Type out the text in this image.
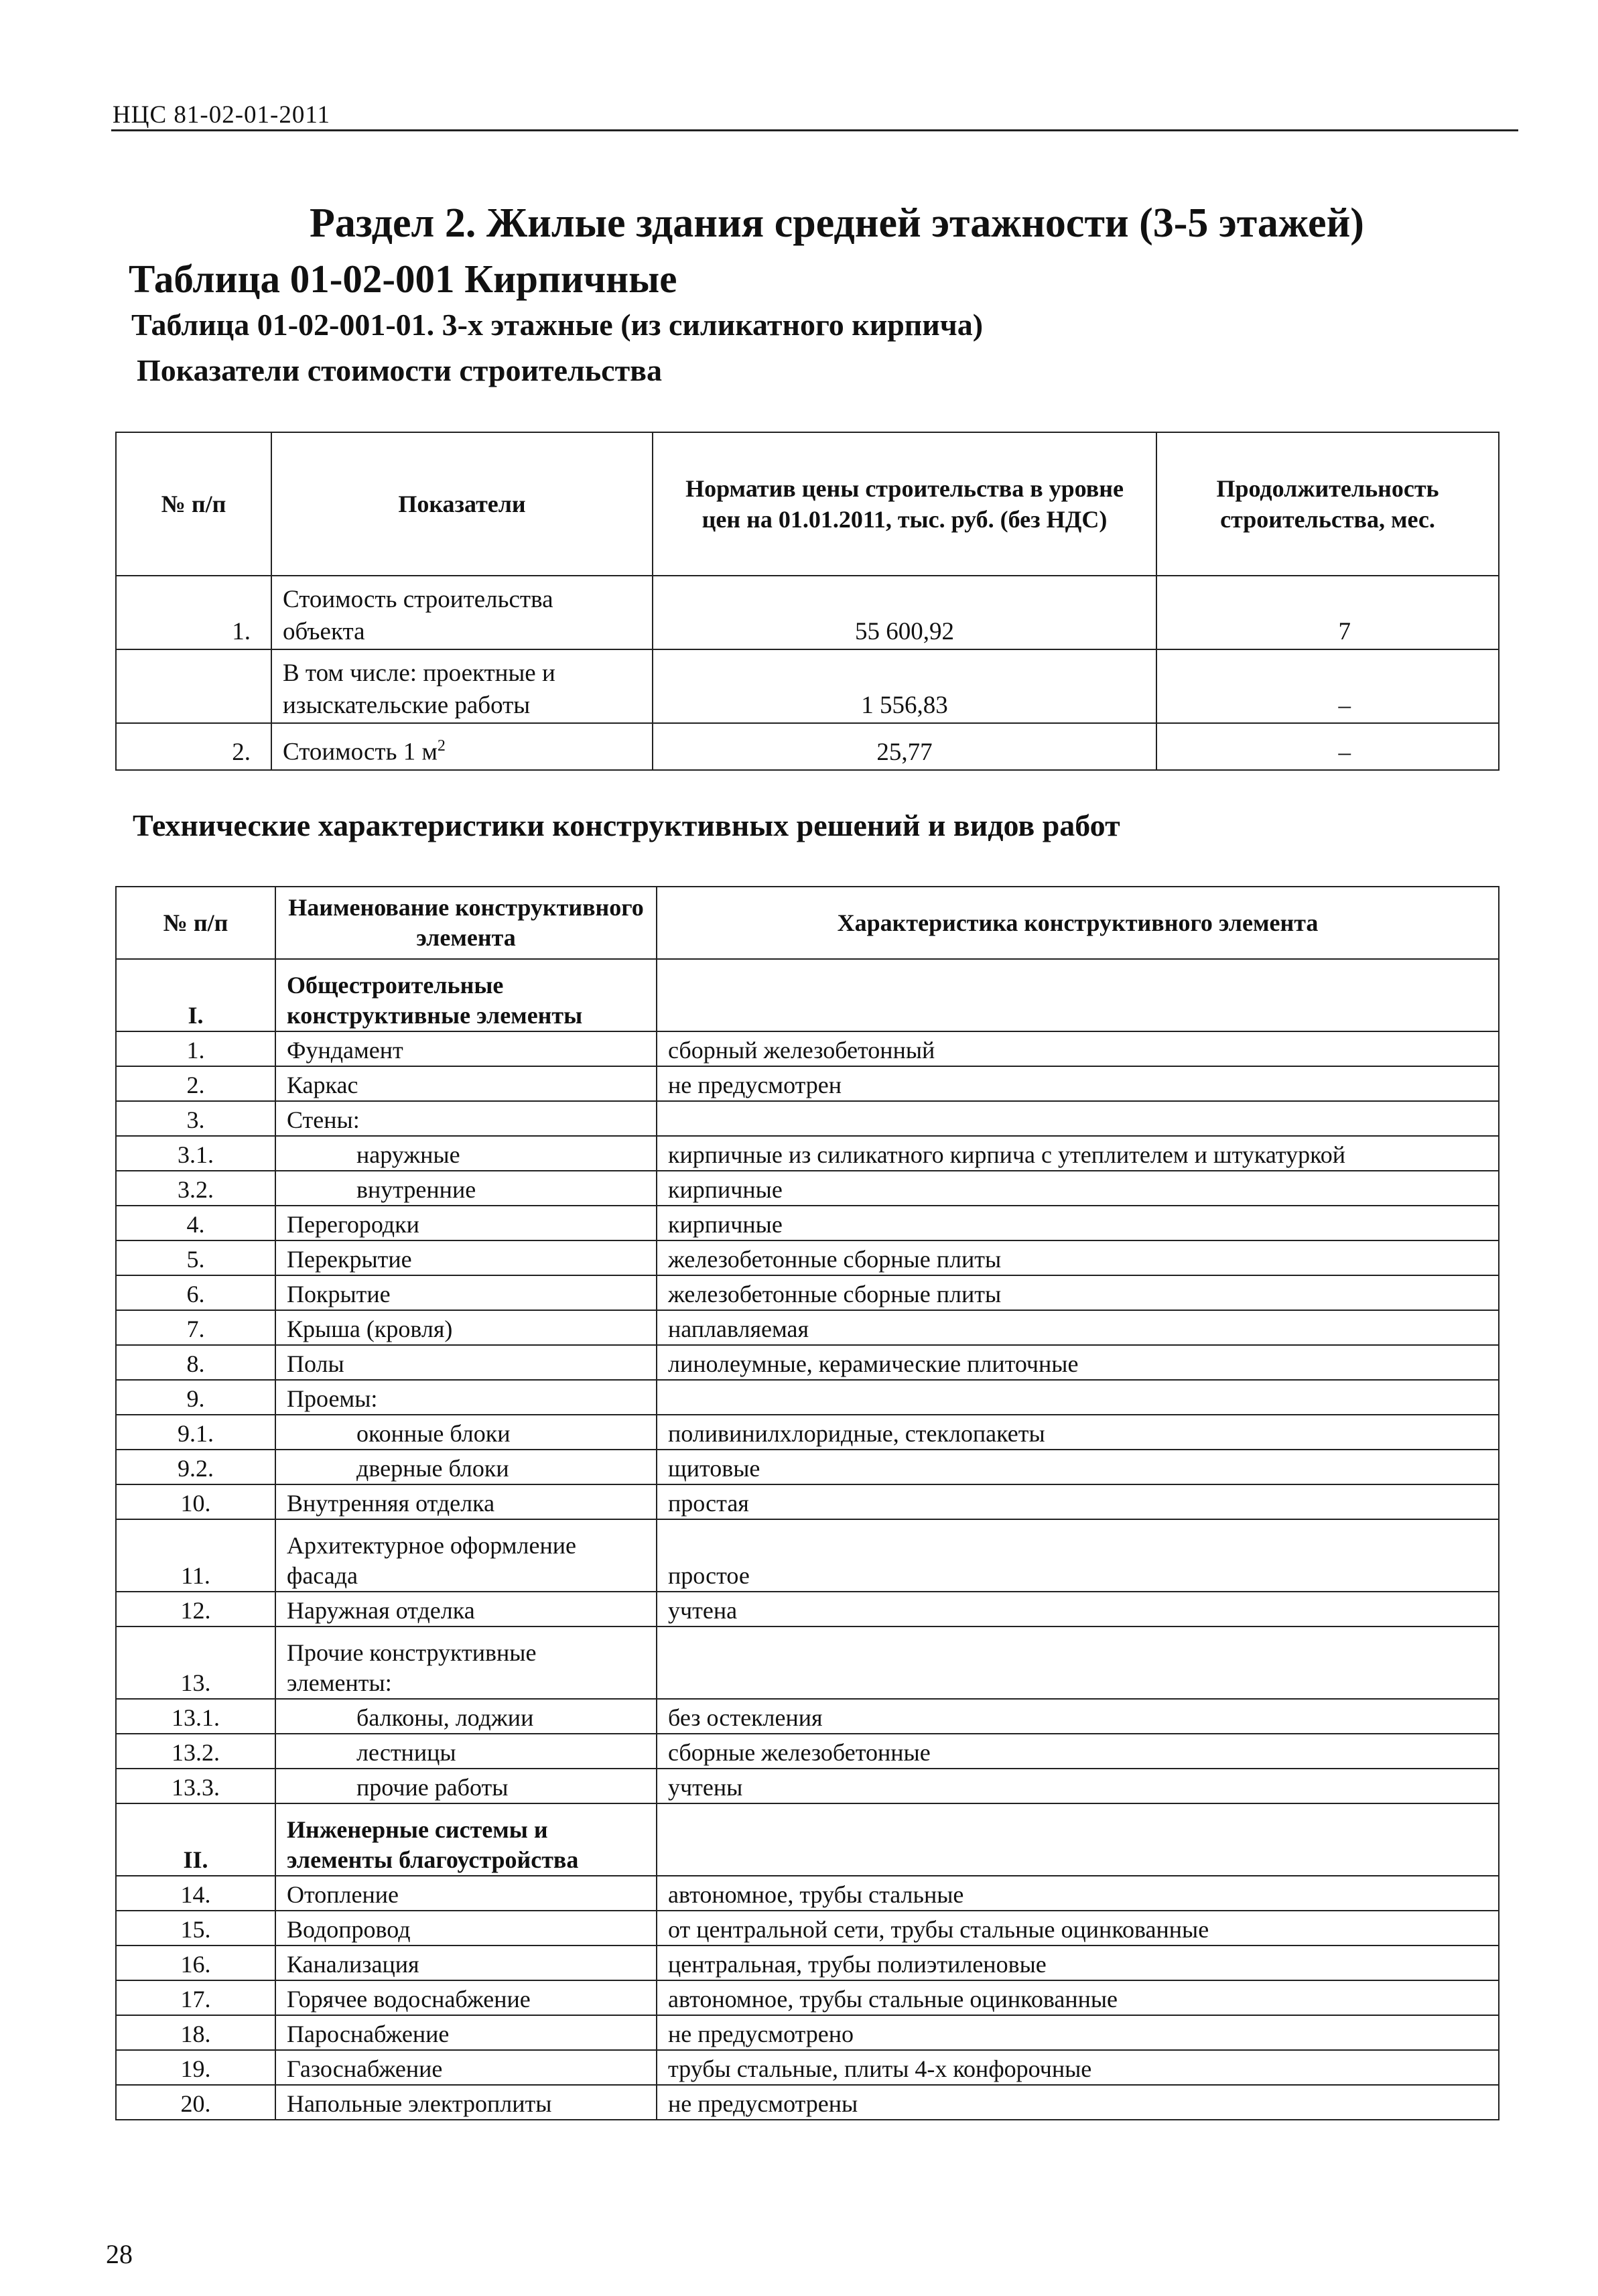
НЦС 81-02-01-2011
Раздел 2. Жилые здания средней этажности (3-5 этажей)
Таблица 01-02-001 Кирпичные
Таблица 01-02-001-01. 3-х этажные (из силикатного кирпича)
Показатели стоимости строительства
№ п/п	Показатели	Норматив цены строительства в уровне цен на 01.01.2011, тыс. руб. (без НДС)	Продолжительность строительства, мес.
1.	Стоимость строительства объекта	55 600,92	7
	В том числе: проектные и изыскательские работы	1 556,83	–
2.	Стоимость 1 $м^2$	25,77	–
Технические характеристики конструктивных решений и видов работ
№ п/п	Наименование конструктивного элемента	Характеристика конструктивного элемента
I.	Общестроительные конструктивные элементы	
1.	Фундамент	сборный железобетонный
2.	Каркас	не предусмотрен
3.	Стены:	
3.1.	наружные	кирпичные из силикатного кирпича с утеплителем и штукатуркой
3.2.	внутренние	кирпичные
4.	Перегородки	кирпичные
5.	Перекрытие	железобетонные сборные плиты
6.	Покрытие	железобетонные сборные плиты
7.	Крыша (кровля)	наплавляемая
8.	Полы	линолеумные, керамические плиточные
9.	Проемы:	
9.1.	оконные блоки	поливинилхлоридные, стеклопакеты
9.2.	дверные блоки	щитовые
10.	Внутренняя отделка	простая
11.	Архитектурное оформление фасада	простое
12.	Наружная отделка	учтена
13.	Прочие конструктивные элементы:	
13.1.	балконы, лоджии	без остекления
13.2.	лестницы	сборные железобетонные
13.3.	прочие работы	учтены
II.	Инженерные системы и элементы благоустройства	
14.	Отопление	автономное, трубы стальные
15.	Водопровод	от центральной сети, трубы стальные оцинкованные
16.	Канализация	центральная, трубы полиэтиленовые
17.	Горячее водоснабжение	автономное, трубы стальные оцинкованные
18.	Пароснабжение	не предусмотрено
19.	Газоснабжение	трубы стальные, плиты 4-х конфорочные
20.	Напольные электроплиты	не предусмотрены
28
